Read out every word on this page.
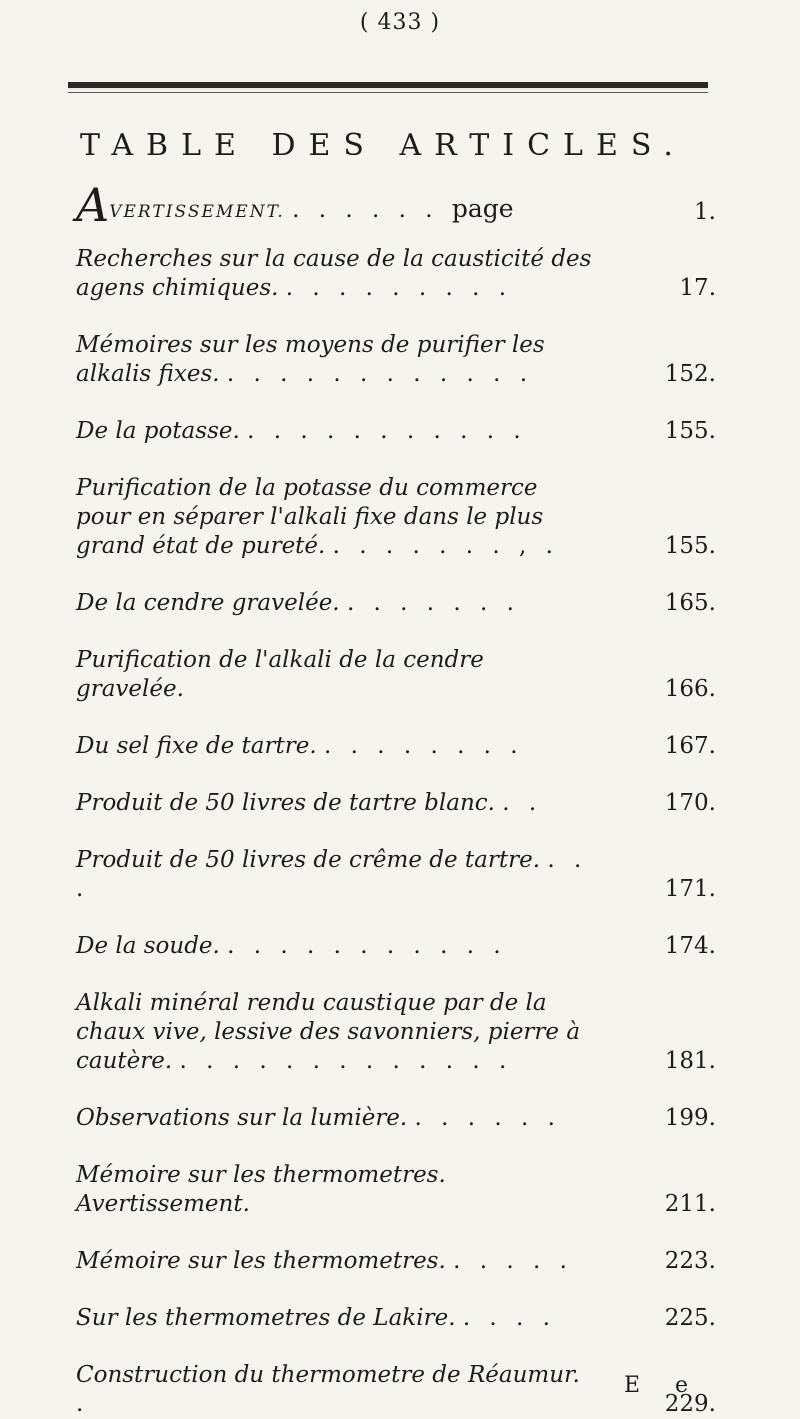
( 433 )
TABLE DES ARTICLES.
AVERTISSEMENT. . . . . . . page	1.
Recherches sur la cause de la causticité des agens chimiques. . . . . . . . . .	17.
Mémoires sur les moyens de purifier les alkalis fixes. . . . . . . . . . . . .	152.
De la potasse. . . . . . . . . . . .	155.
Purification de la potasse du commerce pour en séparer l'alkali fixe dans le plus grand état de pureté. . . . . . . . , .	155.
De la cendre gravelée. . . . . . . .	165.
Purification de l'alkali de la cendre gravelée.	166.
Du sel fixe de tartre. . . . . . . . .	167.
Produit de 50 livres de tartre blanc. . .	170.
Produit de 50 livres de crême de tartre. . . .	171.
De la soude. . . . . . . . . . . .	174.
Alkali minéral rendu caustique par de la chaux vive, lessive des savonniers, pierre à cautère. . . . . . . . . . . . . .	181.
Observations sur la lumière. . . . . . .	199.
Mémoire sur les thermometres. Avertissement.	211.
Mémoire sur les thermometres. . . . . .	223.
Sur les thermometres de Lakire. . . . .	225.
Construction du thermometre de Réaumur. .	229.
E e
